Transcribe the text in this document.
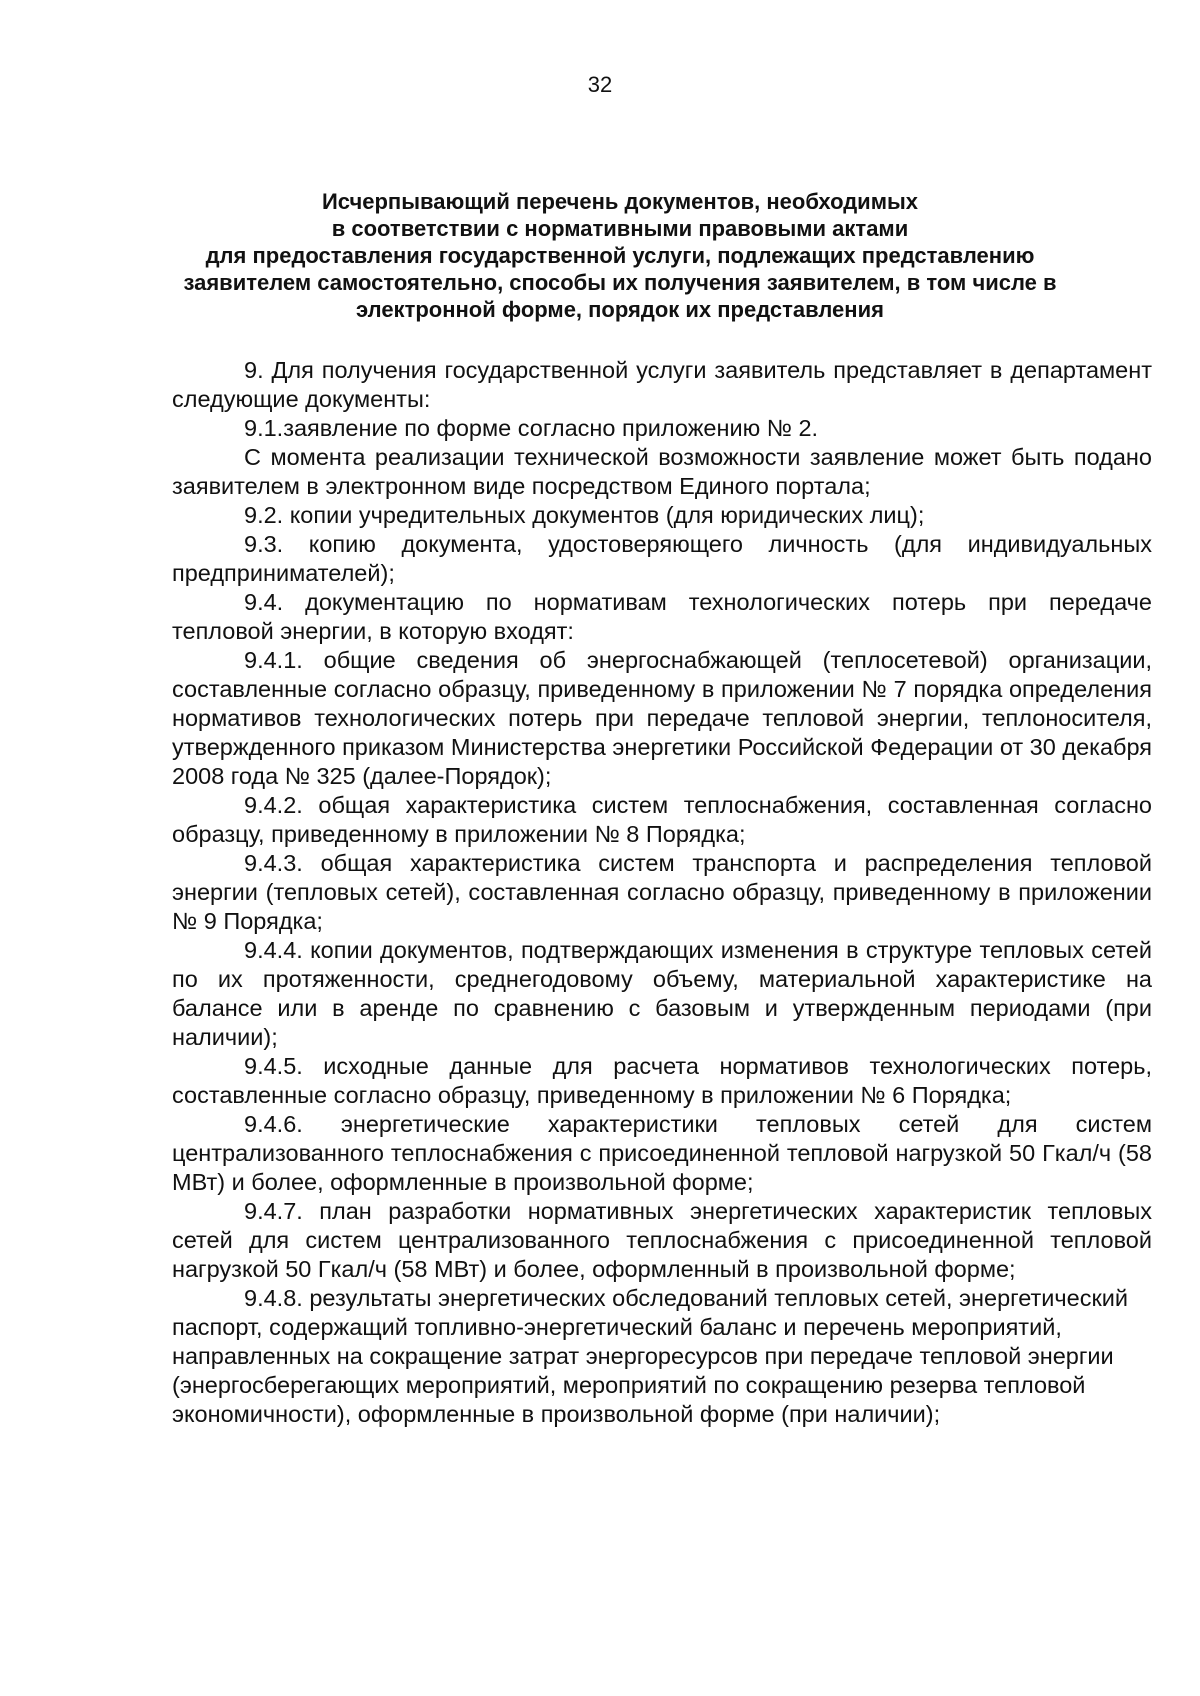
32
Исчерпывающий перечень документов, необходимых
в соответствии с нормативными правовыми актами
для предоставления государственной услуги, подлежащих представлению
заявителем самостоятельно, способы их получения заявителем, в том числе в
электронной форме, порядок их представления

9. Для получения государственной услуги заявитель представляет в департамент следующие документы:

9.1.заявление по форме согласно приложению № 2.

С момента реализации технической возможности заявление может быть подано заявителем в электронном виде посредством Единого портала;

9.2. копии учредительных документов (для юридических лиц);

9.3. копию документа, удостоверяющего личность (для индивидуальных предпринимателей);

9.4. документацию по нормативам технологических потерь при передаче тепловой энергии, в которую входят:

9.4.1. общие сведения об энергоснабжающей (теплосетевой) организации, составленные согласно образцу, приведенному в приложении № 7 порядка определения нормативов технологических потерь при передаче тепловой энергии, теплоносителя, утвержденного приказом Министерства энергетики Российской Федерации от 30 декабря 2008 года № 325 (далее-Порядок);

9.4.2. общая характеристика систем теплоснабжения, составленная согласно образцу, приведенному в приложении № 8 Порядка;

9.4.3. общая характеристика систем транспорта и распределения тепловой энергии (тепловых сетей), составленная согласно образцу, приведенному в приложении № 9 Порядка;

9.4.4. копии документов, подтверждающих изменения в структуре тепловых сетей по их протяженности, среднегодовому объему, материальной характеристике на балансе или в аренде по сравнению с базовым и утвержденным периодами (при наличии);

9.4.5. исходные данные для расчета нормативов технологических потерь, составленные согласно образцу, приведенному в приложении № 6 Порядка;

9.4.6. энергетические характеристики тепловых сетей для систем централизованного теплоснабжения с присоединенной тепловой нагрузкой 50 Гкал/ч (58 МВт) и более, оформленные в произвольной форме;

9.4.7. план разработки нормативных энергетических характеристик тепловых сетей для систем централизованного теплоснабжения с присоединенной тепловой нагрузкой 50 Гкал/ч (58 МВт) и более, оформленный в произвольной форме;

9.4.8. результаты энергетических обследований тепловых сетей, энергетический паспорт, содержащий топливно-энергетический баланс и перечень мероприятий, направленных на сокращение затрат энергоресурсов при передаче тепловой энергии (энергосберегающих мероприятий, мероприятий по сокращению резерва тепловой экономичности), оформленные в произвольной форме (при наличии);
